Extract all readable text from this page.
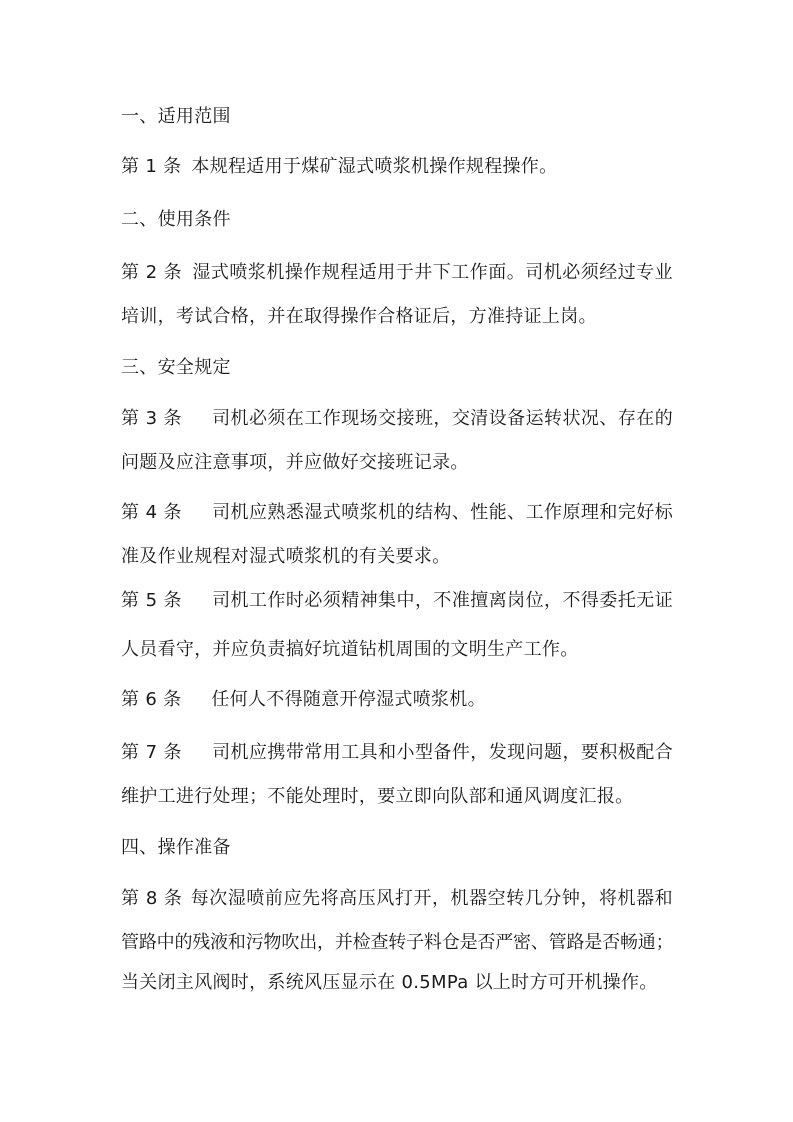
一、适用范围
第 1 条 本规程适用于煤矿湿式喷浆机操作规程操作。
二、使用条件
第 2 条 湿式喷浆机操作规程适用于井下工作面。司机必须经过专业
培训，考试合格，并在取得操作合格证后，方准持证上岗。
三、安全规定
第 3 条 司机必须在工作现场交接班，交清设备运转状况、存在的
问题及应注意事项，并应做好交接班记录。
第 4 条 司机应熟悉湿式喷浆机的结构、性能、工作原理和完好标
准及作业规程对湿式喷浆机的有关要求。
第 5 条 司机工作时必须精神集中，不准擅离岗位，不得委托无证
人员看守，并应负责搞好坑道钻机周围的文明生产工作。
第 6 条 任何人不得随意开停湿式喷浆机。
第 7 条 司机应携带常用工具和小型备件，发现问题，要积极配合
维护工进行处理；不能处理时，要立即向队部和通风调度汇报。
四、操作准备
第 8 条 每次湿喷前应先将高压风打开，机器空转几分钟，将机器和
管路中的残液和污物吹出，并检查转子料仓是否严密、管路是否畅通；
当关闭主风阀时，系统风压显示在 0.5MPa 以上时方可开机操作。
